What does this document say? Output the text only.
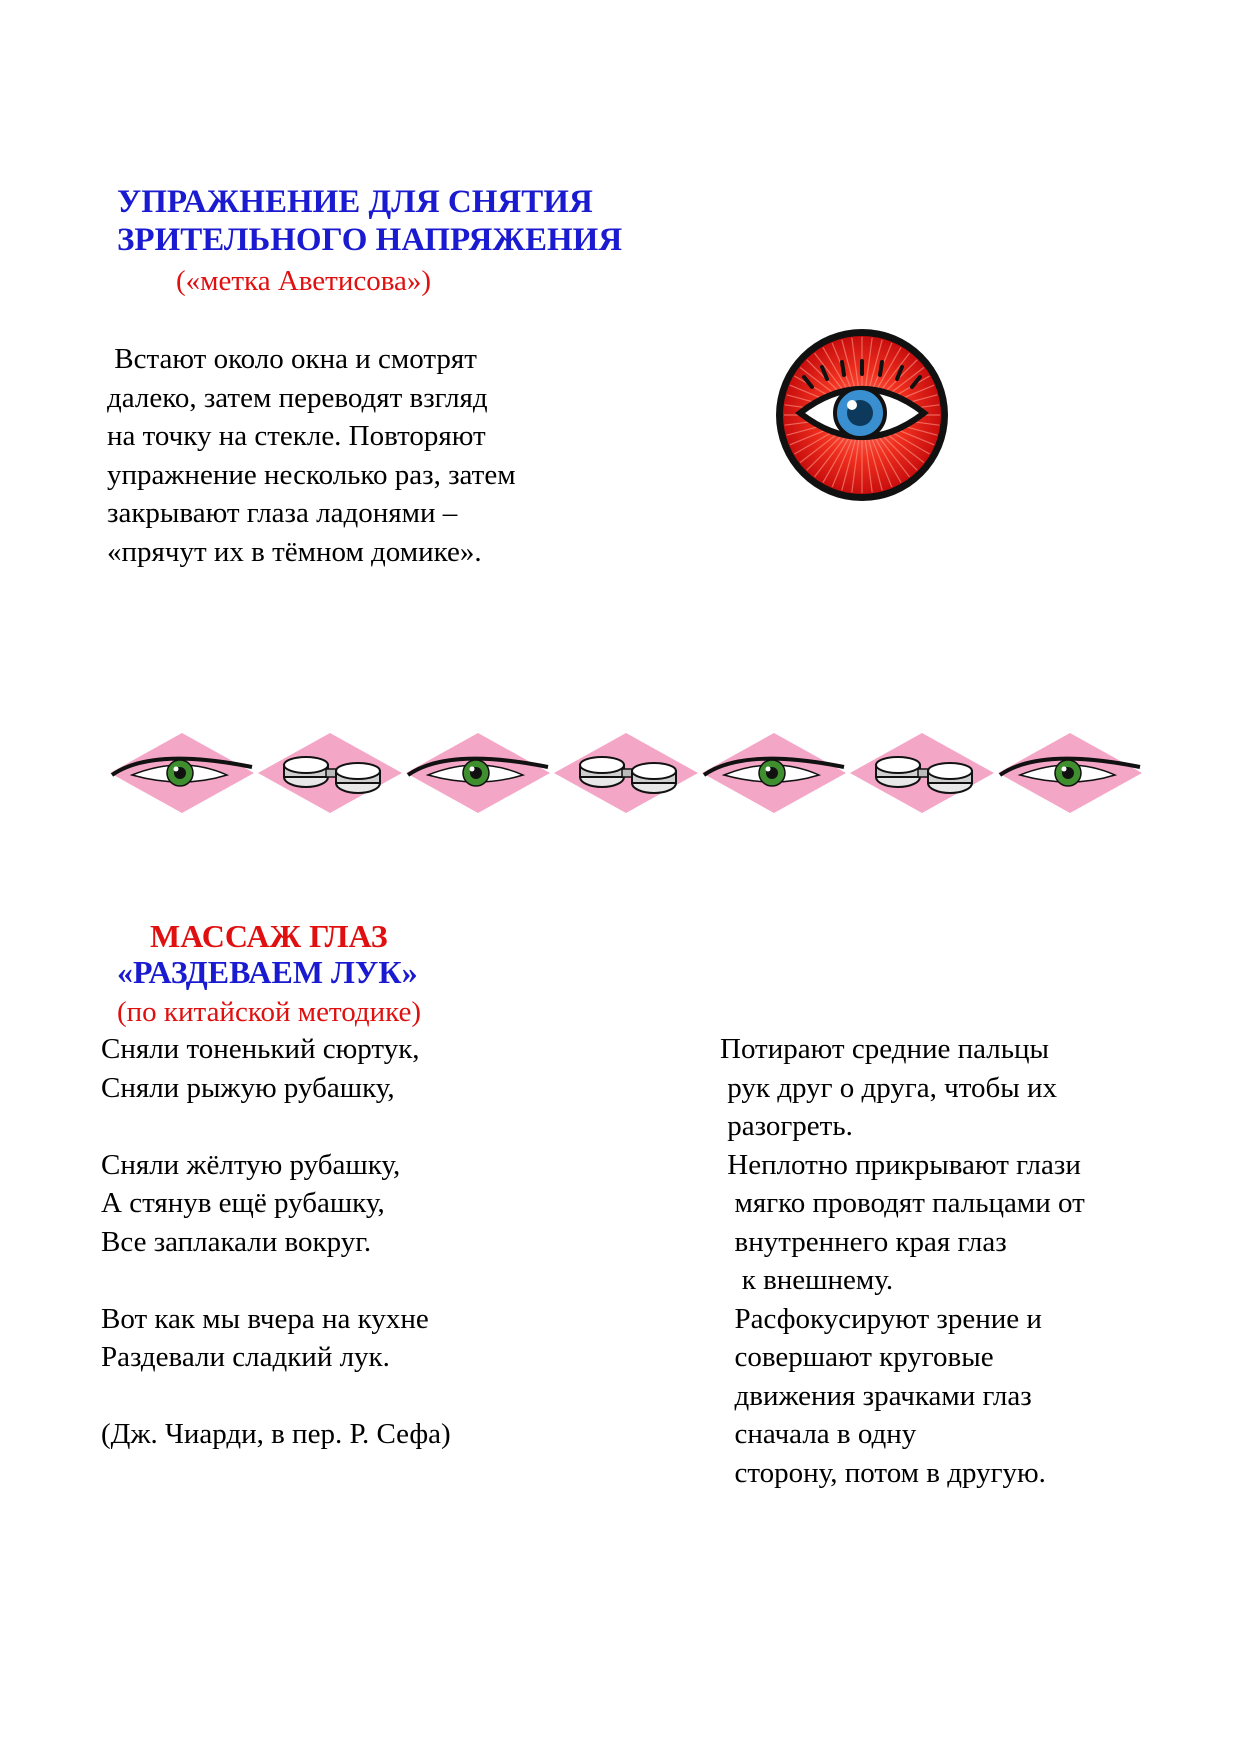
УПРАЖНЕНИЕ ДЛЯ СНЯТИЯ
ЗРИТЕЛЬНОГО НАПРЯЖЕНИЯ
(«метка Аветисова»)
Встают около окна и смотрят
далеко, затем переводят взгляд
на точку на стекле. Повторяют
упражнение несколько раз, затем
закрывают глаза ладонями –
«прячут их в тёмном домике».
МАССАЖ ГЛАЗ
«РАЗДЕВАЕМ ЛУК»
(по китайской методике)
Сняли тоненький сюртук,
Сняли рыжую рубашку,
Сняли жёлтую рубашку,
А стянув ещё рубашку,
Все заплакали вокруг.
Вот как мы вчера на кухне
Раздевали сладкий лук.
(Дж. Чиарди, в пер. Р. Сефа)
Потирают средние пальцы
рук друг о друга, чтобы их
разогреть.
Неплотно прикрывают глази
мягко проводят пальцами от
внутреннего края глаз
к внешнему.
Расфокусируют зрение и
совершают круговые
движения зрачками глаз
сначала в одну
сторону, потом в другую.
